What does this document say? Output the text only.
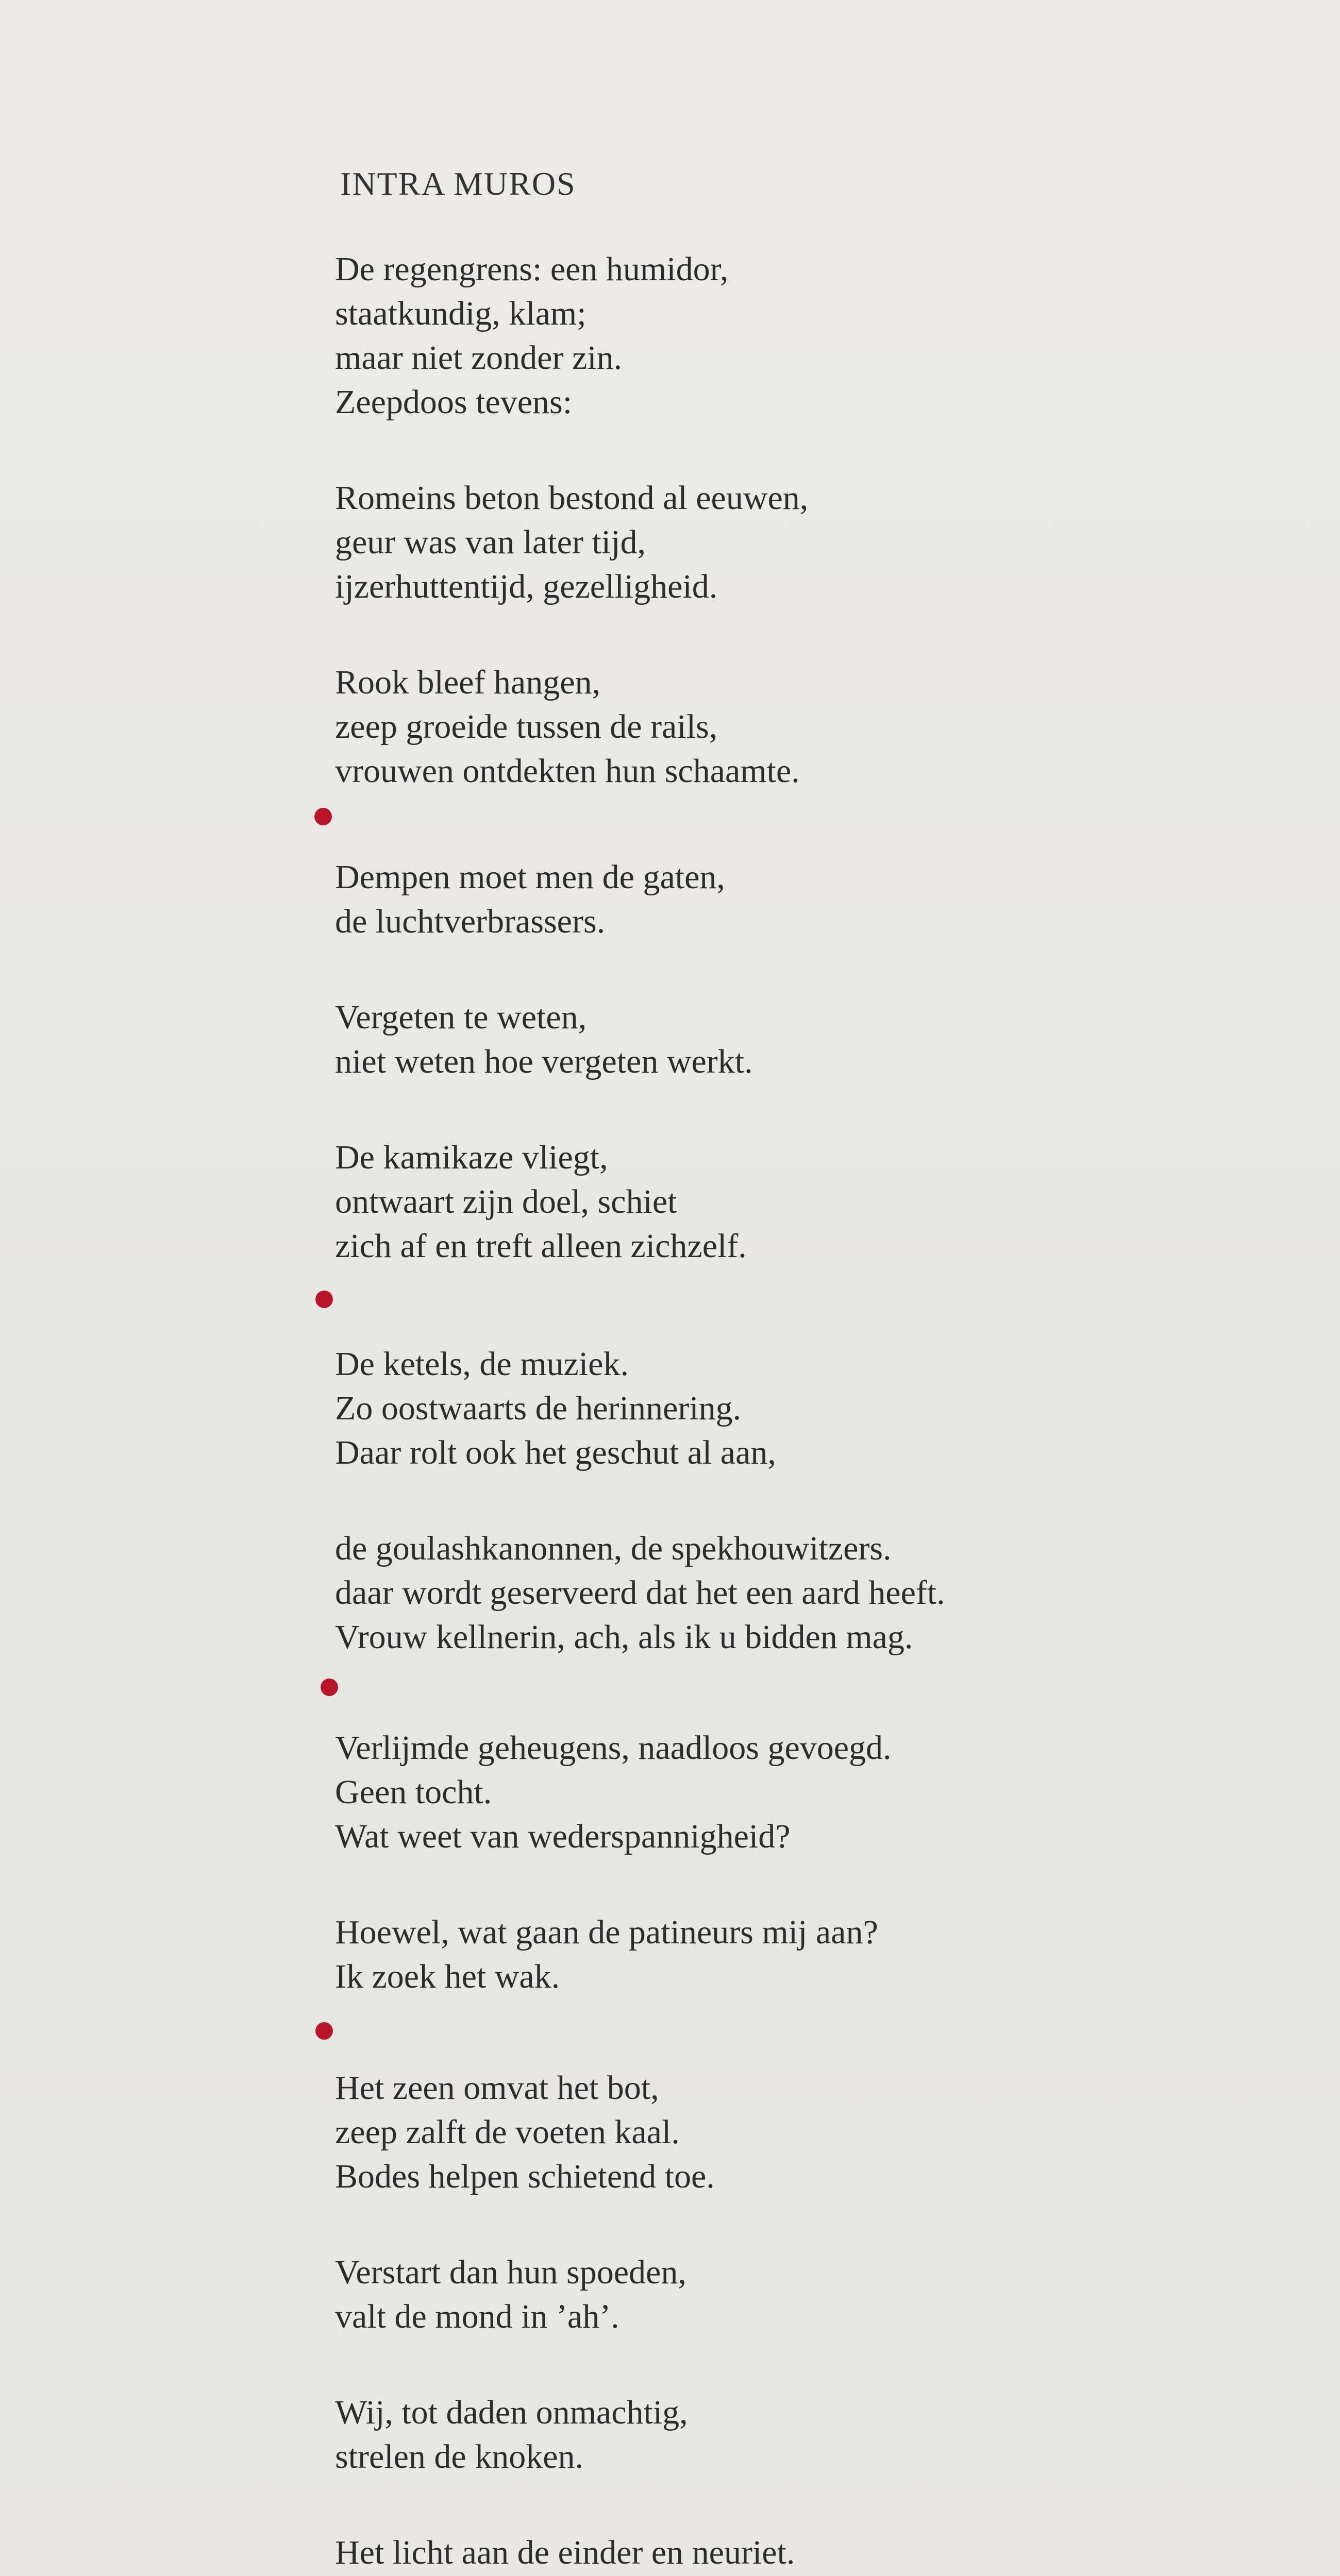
INTRA MUROS
De regengrens: een humidor,
staatkundig, klam;
maar niet zonder zin.
Zeepdoos tevens:
Romeins beton bestond al eeuwen,
geur was van later tijd,
ijzerhuttentijd, gezelligheid.
Rook bleef hangen,
zeep groeide tussen de rails,
vrouwen ontdekten hun schaamte.
Dempen moet men de gaten,
de luchtverbrassers.
Vergeten te weten,
niet weten hoe vergeten werkt.
De kamikaze vliegt,
ontwaart zijn doel, schiet
zich af en treft alleen zichzelf.
De ketels, de muziek.
Zo oostwaarts de herinnering.
Daar rolt ook het geschut al aan,
de goulashkanonnen, de spekhouwitzers.
daar wordt geserveerd dat het een aard heeft.
Vrouw kellnerin, ach, als ik u bidden mag.
Verlijmde geheugens, naadloos gevoegd.
Geen tocht.
Wat weet van wederspannigheid?
Hoewel, wat gaan de patineurs mij aan?
Ik zoek het wak.
Het zeen omvat het bot,
zeep zalft de voeten kaal.
Bodes helpen schietend toe.
Verstart dan hun spoeden,
valt de mond in ’ah’.
Wij, tot daden onmachtig,
strelen de knoken.
Het licht aan de einder en neuriet.
